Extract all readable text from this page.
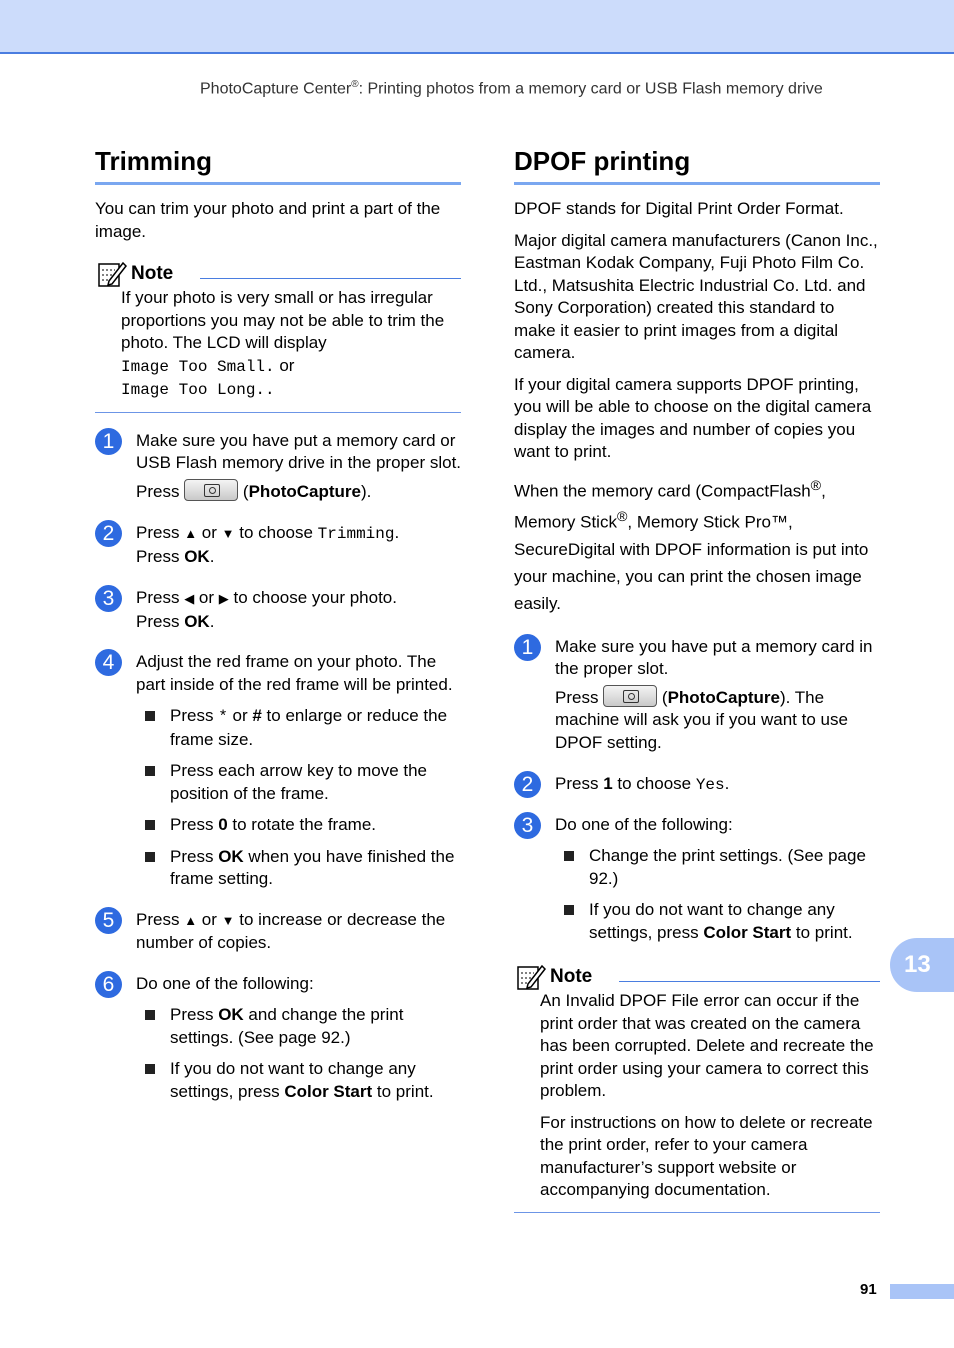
PhotoCapture Center®: Printing photos from a memory card or USB Flash memory drive
Trimming

You can trim your photo and print a part of the image.

Note

If your photo is very small or has irregular proportions you may not be able to trim the photo. The LCD will display
Image Too Small. or
Image Too Long..

1	Make sure you have put a memory card or USB Flash memory drive in the proper slot.

Press	(PhotoCapture).

2	Press ▲ or ▼ to choose Trimming.
Press OK.

3	Press ◀ or ▶ to choose your photo.
Press OK.

4	Adjust the red frame on your photo. The part inside of the red frame will be printed.

Press * or # to enlarge or reduce the frame size.

Press each arrow key to move the position of the frame.

Press 0 to rotate the frame.

Press OK when you have finished the frame setting.

5	Press ▲ or ▼ to increase or decrease the number of copies.

6	Do one of the following:

Press OK and change the print settings. (See page 92.)

If you do not want to change any settings, press Color Start to print.

DPOF printing

DPOF stands for Digital Print Order Format.

Major digital camera manufacturers (Canon Inc., Eastman Kodak Company, Fuji Photo Film Co. Ltd., Matsushita Electric Industrial Co. Ltd. and Sony Corporation) created this standard to make it easier to print images from a digital camera.

If your digital camera supports DPOF printing, you will be able to choose on the digital camera display the images and number of copies you want to print.

When the memory card (CompactFlash®, Memory Stick®, Memory Stick Pro™, SecureDigital with DPOF information is put into your machine, you can print the chosen image easily.

1	Make sure you have put a memory card in the proper slot.

Press	(PhotoCapture). The machine will ask you if you want to use DPOF setting.

2	Press 1 to choose Yes.

3	Do one of the following:

Change the print settings. (See page 92.)

If you do not want to change any settings, press Color Start to print.

Note

An Invalid DPOF File error can occur if the print order that was created on the camera has been corrupted. Delete and recreate the print order using your camera to correct this problem.

For instructions on how to delete or recreate the print order, refer to your camera manufacturer’s support website or accompanying documentation.

13
91
